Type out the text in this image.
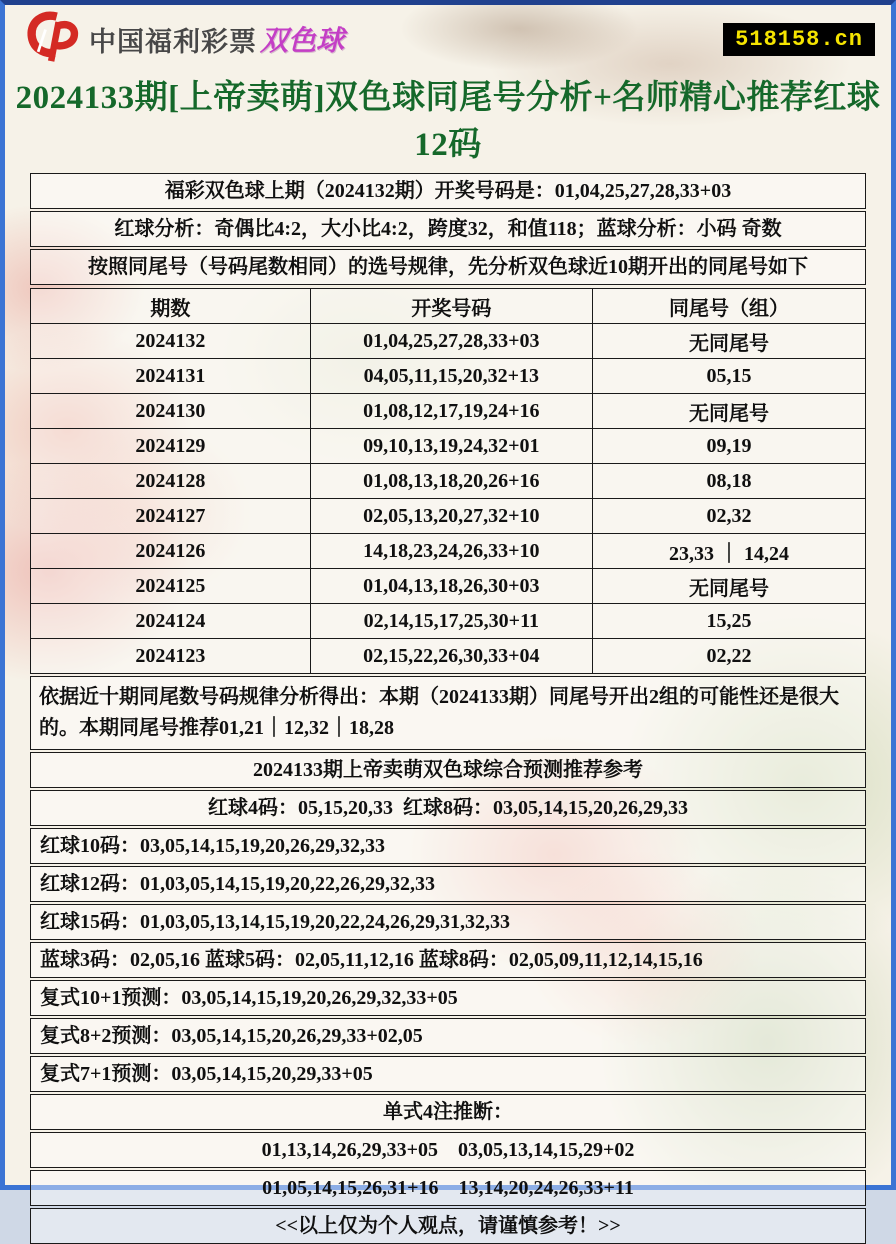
中国福利彩票 双色球	518158.cn
2024133期[上帝卖萌]双色球同尾号分析+名师精心推荐红球12码
福彩双色球上期（2024132期）开奖号码是：01,04,25,27,28,33+03
红球分析：奇偶比4:2，大小比4:2，跨度32，和值118；蓝球分析：小码 奇数
按照同尾号（号码尾数相同）的选号规律，先分析双色球近10期开出的同尾号如下
期数	开奖号码	同尾号（组）
2024132	01,04,25,27,28,33+03	无同尾号
2024131	04,05,11,15,20,32+13	05,15
2024130	01,08,12,17,19,24+16	无同尾号
2024129	09,10,13,19,24,32+01	09,19
2024128	01,08,13,18,20,26+16	08,18
2024127	02,05,13,20,27,32+10	02,32
2024126	14,18,23,24,26,33+10	23,33 ｜ 14,24
2024125	01,04,13,18,26,30+03	无同尾号
2024124	02,14,15,17,25,30+11	15,25
2024123	02,15,22,26,30,33+04	02,22
依据近十期同尾数号码规律分析得出：本期（2024133期）同尾号开出2组的可能性还是很大的。本期同尾号推荐01,21｜12,32｜18,28
2024133期上帝卖萌双色球综合预测推荐参考
红球4码：05,15,20,33  红球8码：03,05,14,15,20,26,29,33
红球10码：03,05,14,15,19,20,26,29,32,33
红球12码：01,03,05,14,15,19,20,22,26,29,32,33
红球15码：01,03,05,13,14,15,19,20,22,24,26,29,31,32,33
蓝球3码：02,05,16 蓝球5码：02,05,11,12,16 蓝球8码：02,05,09,11,12,14,15,16
复式10+1预测：03,05,14,15,19,20,26,29,32,33+05
复式8+2预测：03,05,14,15,20,26,29,33+02,05
复式7+1预测：03,05,14,15,20,29,33+05
单式4注推断：
01,13,14,26,29,33+05    03,05,13,14,15,29+02
01,05,14,15,26,31+16    13,14,20,24,26,33+11
<<以上仅为个人观点，请谨慎参考！>>
